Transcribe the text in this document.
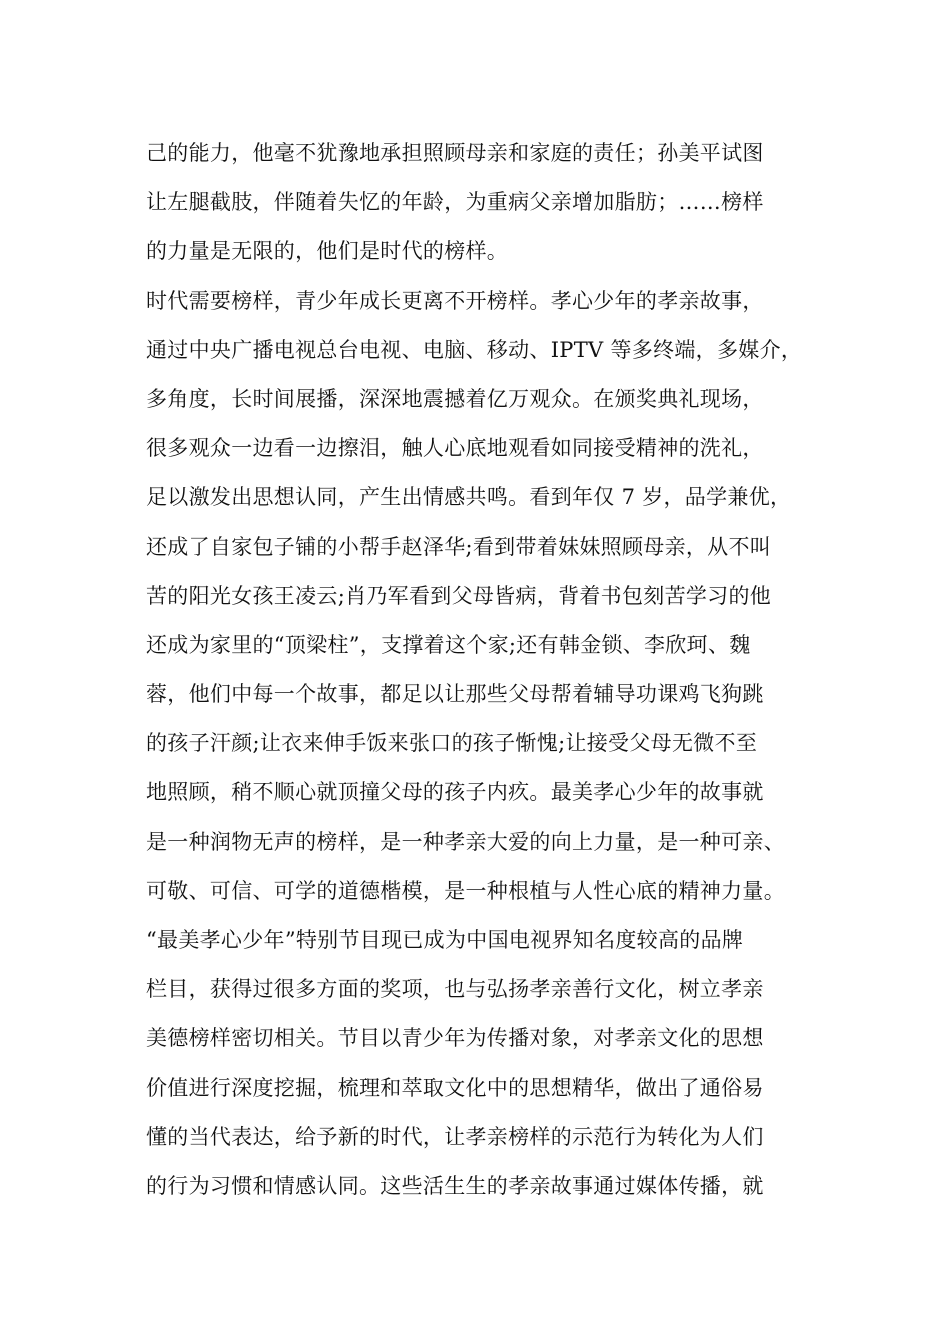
己的能力，他毫不犹豫地承担照顾母亲和家庭的责任；孙美平试图
让左腿截肢，伴随着失忆的年龄，为重病父亲增加脂肪；……榜样
的力量是无限的，他们是时代的榜样。
时代需要榜样，青少年成长更离不开榜样。孝心少年的孝亲故事，
通过中央广播电视总台电视、电脑、移动、IPTV 等多终端，多媒介，
多角度，长时间展播，深深地震撼着亿万观众。在颁奖典礼现场，
很多观众一边看一边擦泪，触人心底地观看如同接受精神的洗礼，
足以激发出思想认同，产生出情感共鸣。看到年仅 7 岁，品学兼优，
还成了自家包子铺的小帮手赵泽华;看到带着妹妹照顾母亲，从不叫
苦的阳光女孩王凌云;肖乃军看到父母皆病，背着书包刻苦学习的他
还成为家里的“顶梁柱”，支撑着这个家;还有韩金锁、李欣珂、魏
蓉，他们中每一个故事，都足以让那些父母帮着辅导功课鸡飞狗跳
的孩子汗颜;让衣来伸手饭来张口的孩子惭愧;让接受父母无微不至
地照顾，稍不顺心就顶撞父母的孩子内疚。最美孝心少年的故事就
是一种润物无声的榜样，是一种孝亲大爱的向上力量，是一种可亲、
可敬、可信、可学的道德楷模，是一种根植与人性心底的精神力量。
“最美孝心少年”特别节目现已成为中国电视界知名度较高的品牌
栏目，获得过很多方面的奖项，也与弘扬孝亲善行文化，树立孝亲
美德榜样密切相关。节目以青少年为传播对象，对孝亲文化的思想
价值进行深度挖掘，梳理和萃取文化中的思想精华，做出了通俗易
懂的当代表达，给予新的时代，让孝亲榜样的示范行为转化为人们
的行为习惯和情感认同。这些活生生的孝亲故事通过媒体传播，就
